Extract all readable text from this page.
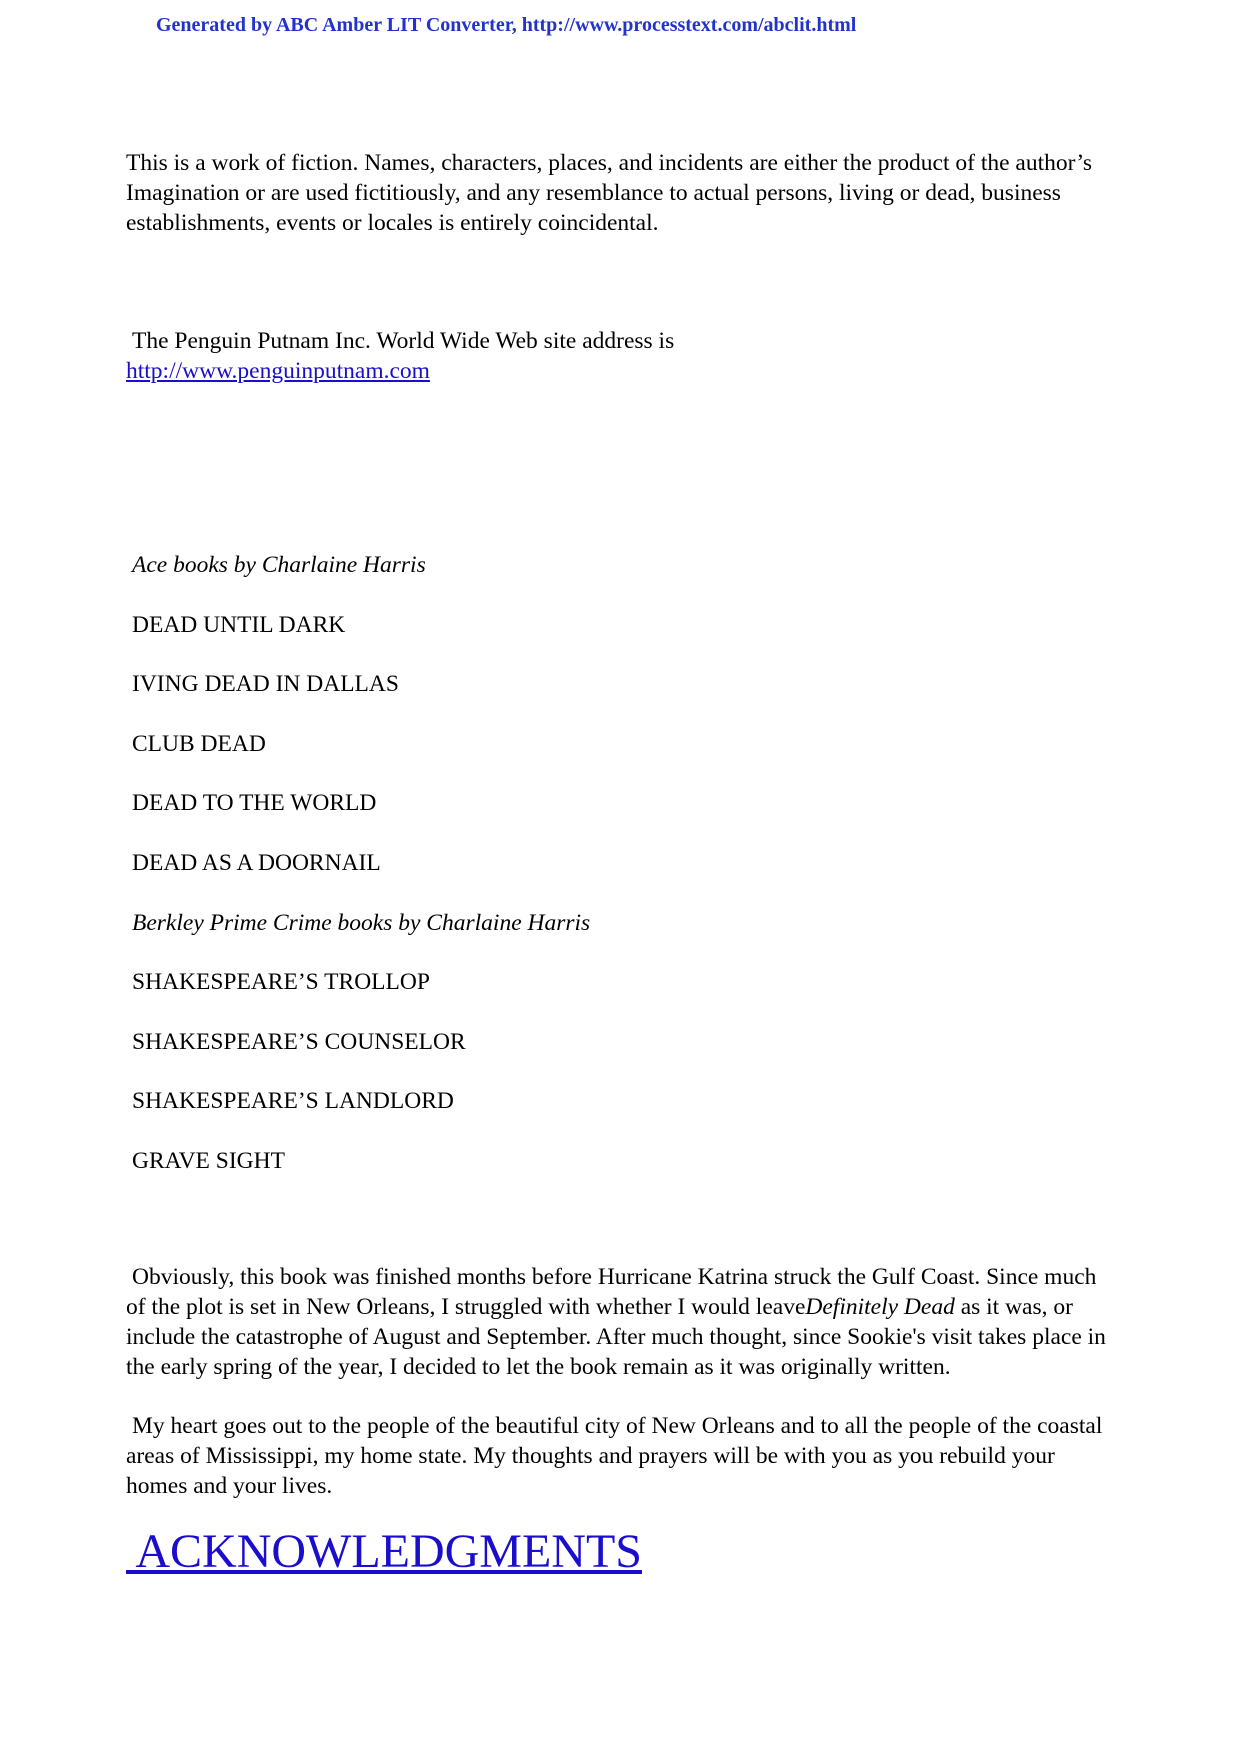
Generated by ABC Amber LIT Converter, http://www.processtext.com/abclit.html

This is a work of fiction. Names, characters, places, and incidents are either the product of the author’s Imagination or are used fictitiously, and any resemblance to actual persons, living or dead, business establishments, events or locales is entirely coincidental.

The Penguin Putnam Inc. World Wide Web site address is
http://www.penguinputnam.com
Ace books by Charlaine Harris
DEAD UNTIL DARK
IVING DEAD IN DALLAS
CLUB DEAD
DEAD TO THE WORLD
DEAD AS A DOORNAIL
Berkley Prime Crime books by Charlaine Harris
SHAKESPEARE’S TROLLOP
SHAKESPEARE’S COUNSELOR
SHAKESPEARE’S LANDLORD
GRAVE SIGHT

Obviously, this book was finished months before Hurricane Katrina struck the Gulf Coast. Since much of the plot is set in New Orleans, I struggled with whether I would leaveDefinitely Dead as it was, or include the catastrophe of August and September. After much thought, since Sookie's visit takes place in the early spring of the year, I decided to let the book remain as it was originally written.

My heart goes out to the people of the beautiful city of New Orleans and to all the people of the coastal areas of Mississippi, my home state. My thoughts and prayers will be with you as you rebuild your homes and your lives.

ACKNOWLEDGMENTS
